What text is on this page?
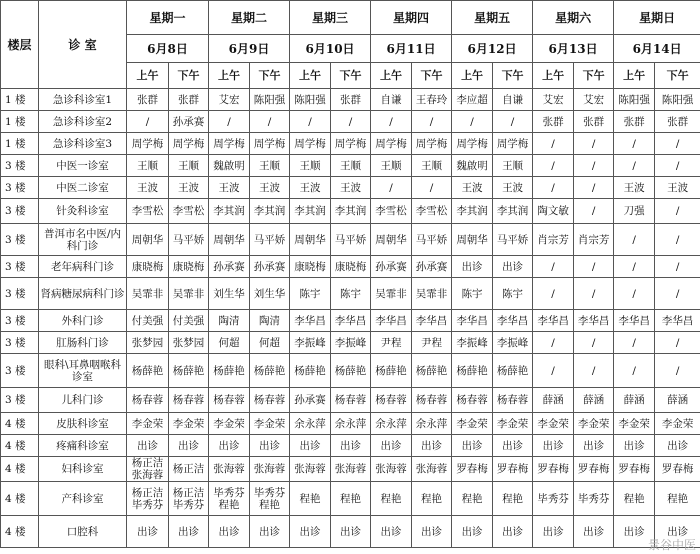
楼层	诊 室	星期一		星期二		星期三		星期四		星期五		星期六		星期日	
		6月8日		6月9日		6月10日		6月11日		6月12日		6月13日		6月14日	
		上午	下午	上午	下午	上午	下午	上午	下午	上午	下午	上午	下午	上午	下午
1 楼	急诊科诊室1	张群	张群	艾宏	陈阳强	陈阳强	张群	自谦	王春玲	李应超	自谦	艾宏	艾宏	陈阳强	陈阳强
1 楼	急诊科诊室2	/	孙承赛	/	/	/	/	/	/	/	/	张群	张群	张群	张群
1 楼	急诊科诊室3	周学梅	周学梅	周学梅	周学梅	周学梅	周学梅	周学梅	周学梅	周学梅	周学梅	/	/	/	/
3 楼	中医一诊室	王顺	王顺	魏啟明	王顺	王顺	王顺	王顺	王顺	魏啟明	王顺	/	/	/	/
3 楼	中医二诊室	王波	王波	王波	王波	王波	王波	/	/	王波	王波	/	/	王波	王波
3 楼	针灸科诊室	李雪松	李雪松	李其润	李其润	李其润	李其润	李雪松	李雪松	李其润	李其润	陶文敏	/	刀强	/
3 楼	普洱市名中医/内科门诊	周朝华	马平娇	周朝华	马平娇	周朝华	马平娇	周朝华	马平娇	周朝华	马平娇	肖宗芳	肖宗芳	/	/
3 楼	老年病科门诊	康晓梅	康晓梅	孙承赛	孙承赛	康晓梅	康晓梅	孙承赛	孙承赛	出诊	出诊	/	/	/	/
3 楼	肾病糖尿病科门诊	吴霏非	吴霏非	刘生华	刘生华	陈宇	陈宇	吴霏非	吴霏非	陈宇	陈宇	/	/	/	/
3 楼	外科门诊	付美强	付美强	陶清	陶清	李华昌	李华昌	李华昌	李华昌	李华昌	李华昌	李华昌	李华昌	李华昌	李华昌
3 楼	肛肠科门诊	张梦园	张梦园	何超	何超	李振峰	李振峰	尹程	尹程	李振峰	李振峰	/	/	/	/
3 楼	眼科\耳鼻咽喉科诊室	杨薛艳	杨薛艳	杨薛艳	杨薛艳	杨薛艳	杨薛艳	杨薛艳	杨薛艳	杨薛艳	杨薛艳	/	/	/	/
3 楼	儿科门诊	杨春蓉	杨春蓉	杨春蓉	杨春蓉	孙承赛	杨春蓉	杨春蓉	杨春蓉	杨春蓉	杨春蓉	薛涵	薛涵	薛涵	薛涵
4 楼	皮肤科诊室	李金荣	李金荣	李金荣	李金荣	余永萍	余永萍	余永萍	余永萍	李金荣	李金荣	李金荣	李金荣	李金荣	李金荣
4 楼	疼痛科诊室	出诊	出诊	出诊	出诊	出诊	出诊	出诊	出诊	出诊	出诊	出诊	出诊	出诊	出诊
4 楼	妇科诊室	杨正洁张海蓉	杨正洁	张海蓉	张海蓉	张海蓉	张海蓉	张海蓉	张海蓉	罗春梅	罗春梅	罗春梅	罗春梅	罗春梅	罗春梅
4 楼	产科诊室	杨正洁毕秀芬	杨正洁毕秀芬	毕秀芬程艳	毕秀芬程艳	程艳	程艳	程艳	程艳	程艳	程艳	毕秀芬	毕秀芬	程艳	程艳
4 楼	口腔科	出诊	出诊	出诊	出诊	出诊	出诊	出诊	出诊	出诊	出诊	出诊	出诊	出诊	出诊
景谷中医
